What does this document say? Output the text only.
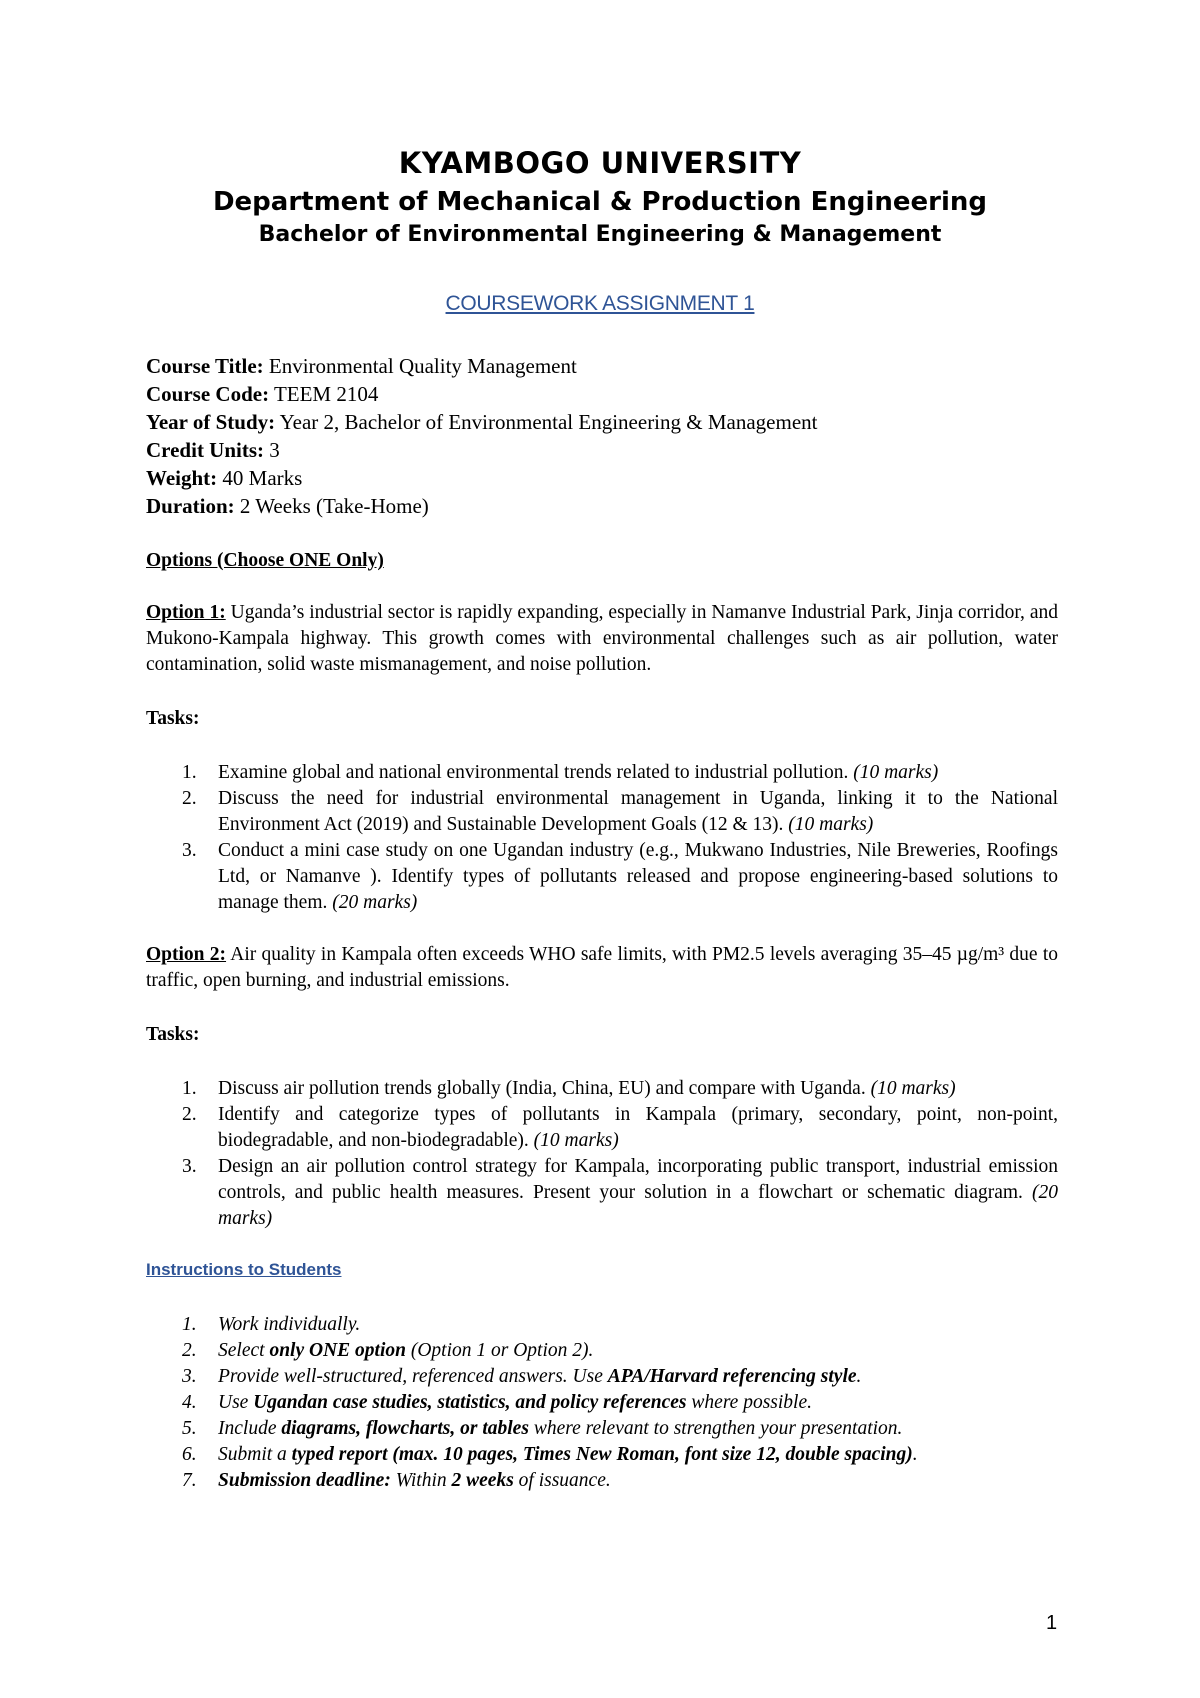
KYAMBOGO UNIVERSITY
Department of Mechanical & Production Engineering
Bachelor of Environmental Engineering & Management
COURSEWORK ASSIGNMENT 1
Course Title: Environmental Quality Management
Course Code: TEEM 2104
Year of Study: Year 2, Bachelor of Environmental Engineering & Management
Credit Units: 3
Weight: 40 Marks
Duration: 2 Weeks (Take-Home)
Options (Choose ONE Only)
Option 1: Uganda’s industrial sector is rapidly expanding, especially in Namanve Industrial Park, Jinja corridor, and Mukono-Kampala highway. This growth comes with environmental challenges such as air pollution, water contamination, solid waste mismanagement, and noise pollution.
Tasks:
1. Examine global and national environmental trends related to industrial pollution. (10 marks)
2. Discuss the need for industrial environmental management in Uganda, linking it to the National Environment Act (2019) and Sustainable Development Goals (12 & 13). (10 marks)
3. Conduct a mini case study on one Ugandan industry (e.g., Mukwano Industries, Nile Breweries, Roofings Ltd, or Namanve ). Identify types of pollutants released and propose engineering-based solutions to manage them. (20 marks)
Option 2: Air quality in Kampala often exceeds WHO safe limits, with PM2.5 levels averaging 35–45 µg/m³ due to traffic, open burning, and industrial emissions.
Tasks:
1. Discuss air pollution trends globally (India, China, EU) and compare with Uganda. (10 marks)
2. Identify and categorize types of pollutants in Kampala (primary, secondary, point, non-point, biodegradable, and non-biodegradable). (10 marks)
3. Design an air pollution control strategy for Kampala, incorporating public transport, industrial emission controls, and public health measures. Present your solution in a flowchart or schematic diagram. (20 marks)
Instructions to Students
1. Work individually.
2. Select only ONE option (Option 1 or Option 2).
3. Provide well-structured, referenced answers. Use APA/Harvard referencing style.
4. Use Ugandan case studies, statistics, and policy references where possible.
5. Include diagrams, flowcharts, or tables where relevant to strengthen your presentation.
6. Submit a typed report (max. 10 pages, Times New Roman, font size 12, double spacing).
7. Submission deadline: Within 2 weeks of issuance.
1
